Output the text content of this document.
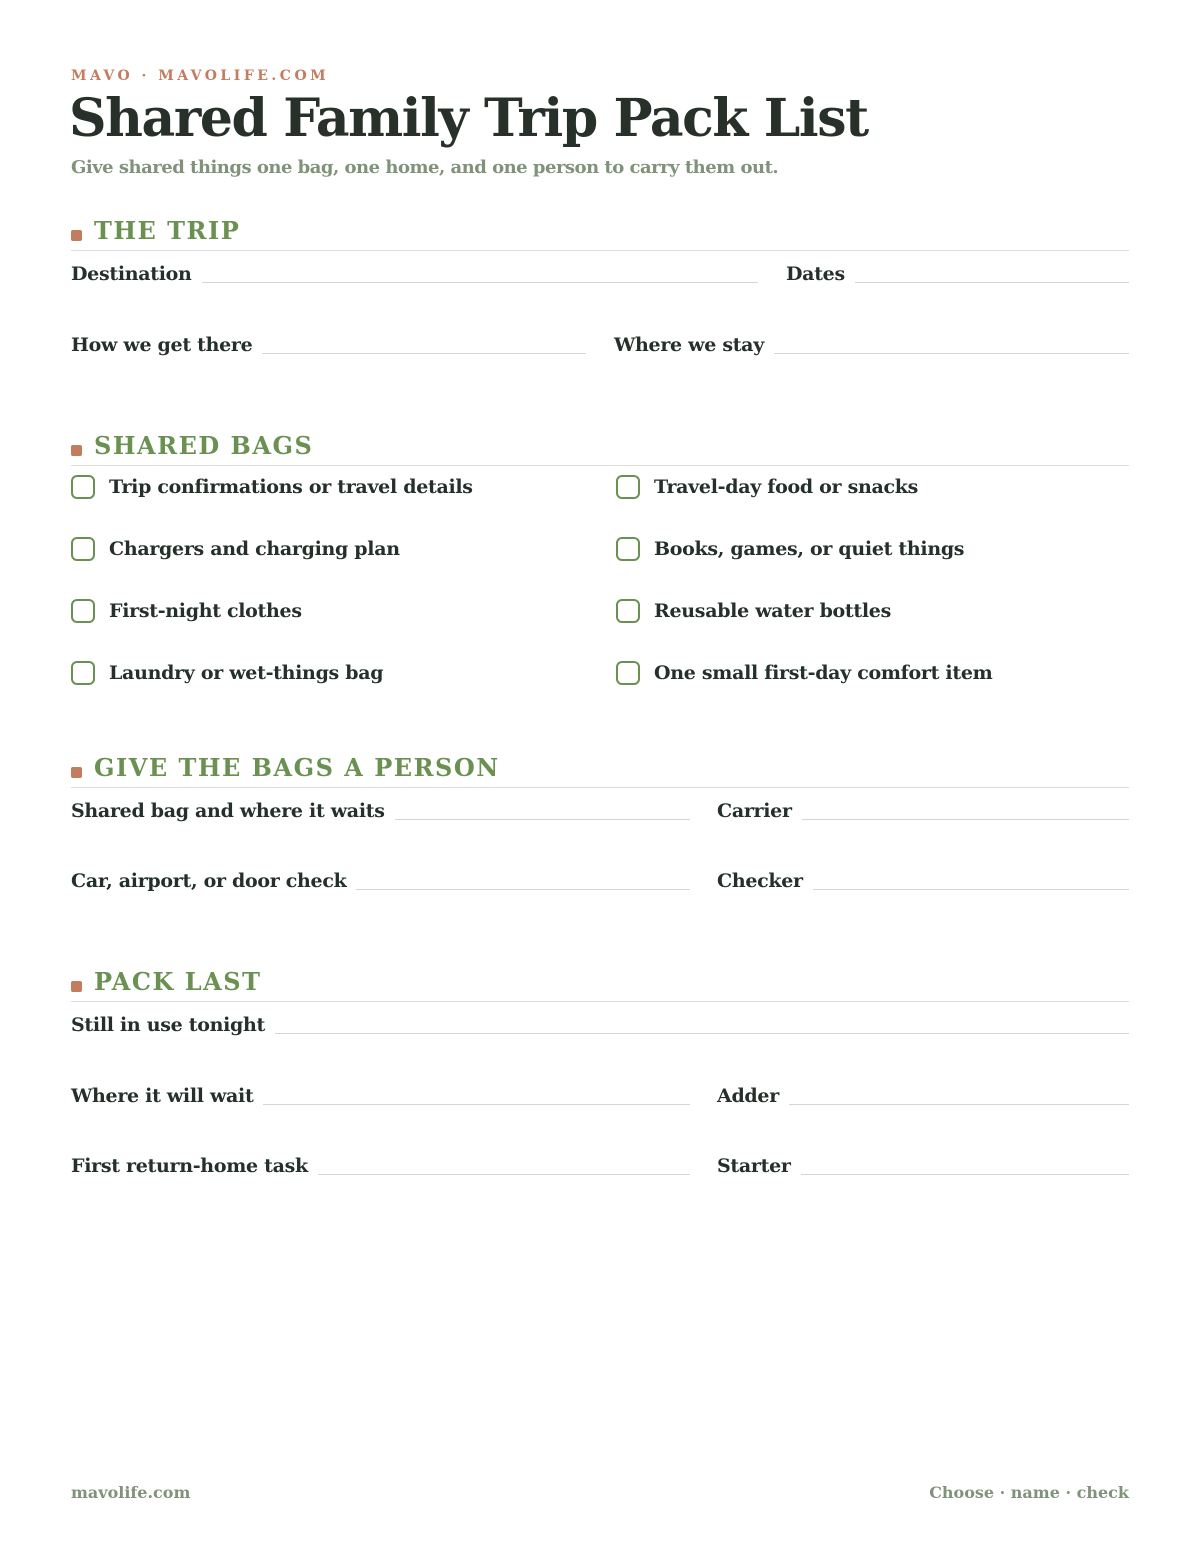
MAVO · MAVOLIFE.COM
Shared Family Trip Pack List
Give shared things one bag, one home, and one person to carry them out.
THE TRIP
Destination	Dates
How we get there	Where we stay
SHARED BAGS
Trip confirmations or travel details	Travel-day food or snacks
Chargers and charging plan	Books, games, or quiet things
First-night clothes	Reusable water bottles
Laundry or wet-things bag	One small first-day comfort item
GIVE THE BAGS A PERSON
Shared bag and where it waits	Carrier
Car, airport, or door check	Checker
PACK LAST
Still in use tonight
Where it will wait	Adder
First return-home task	Starter
mavolife.com	Choose · name · check
